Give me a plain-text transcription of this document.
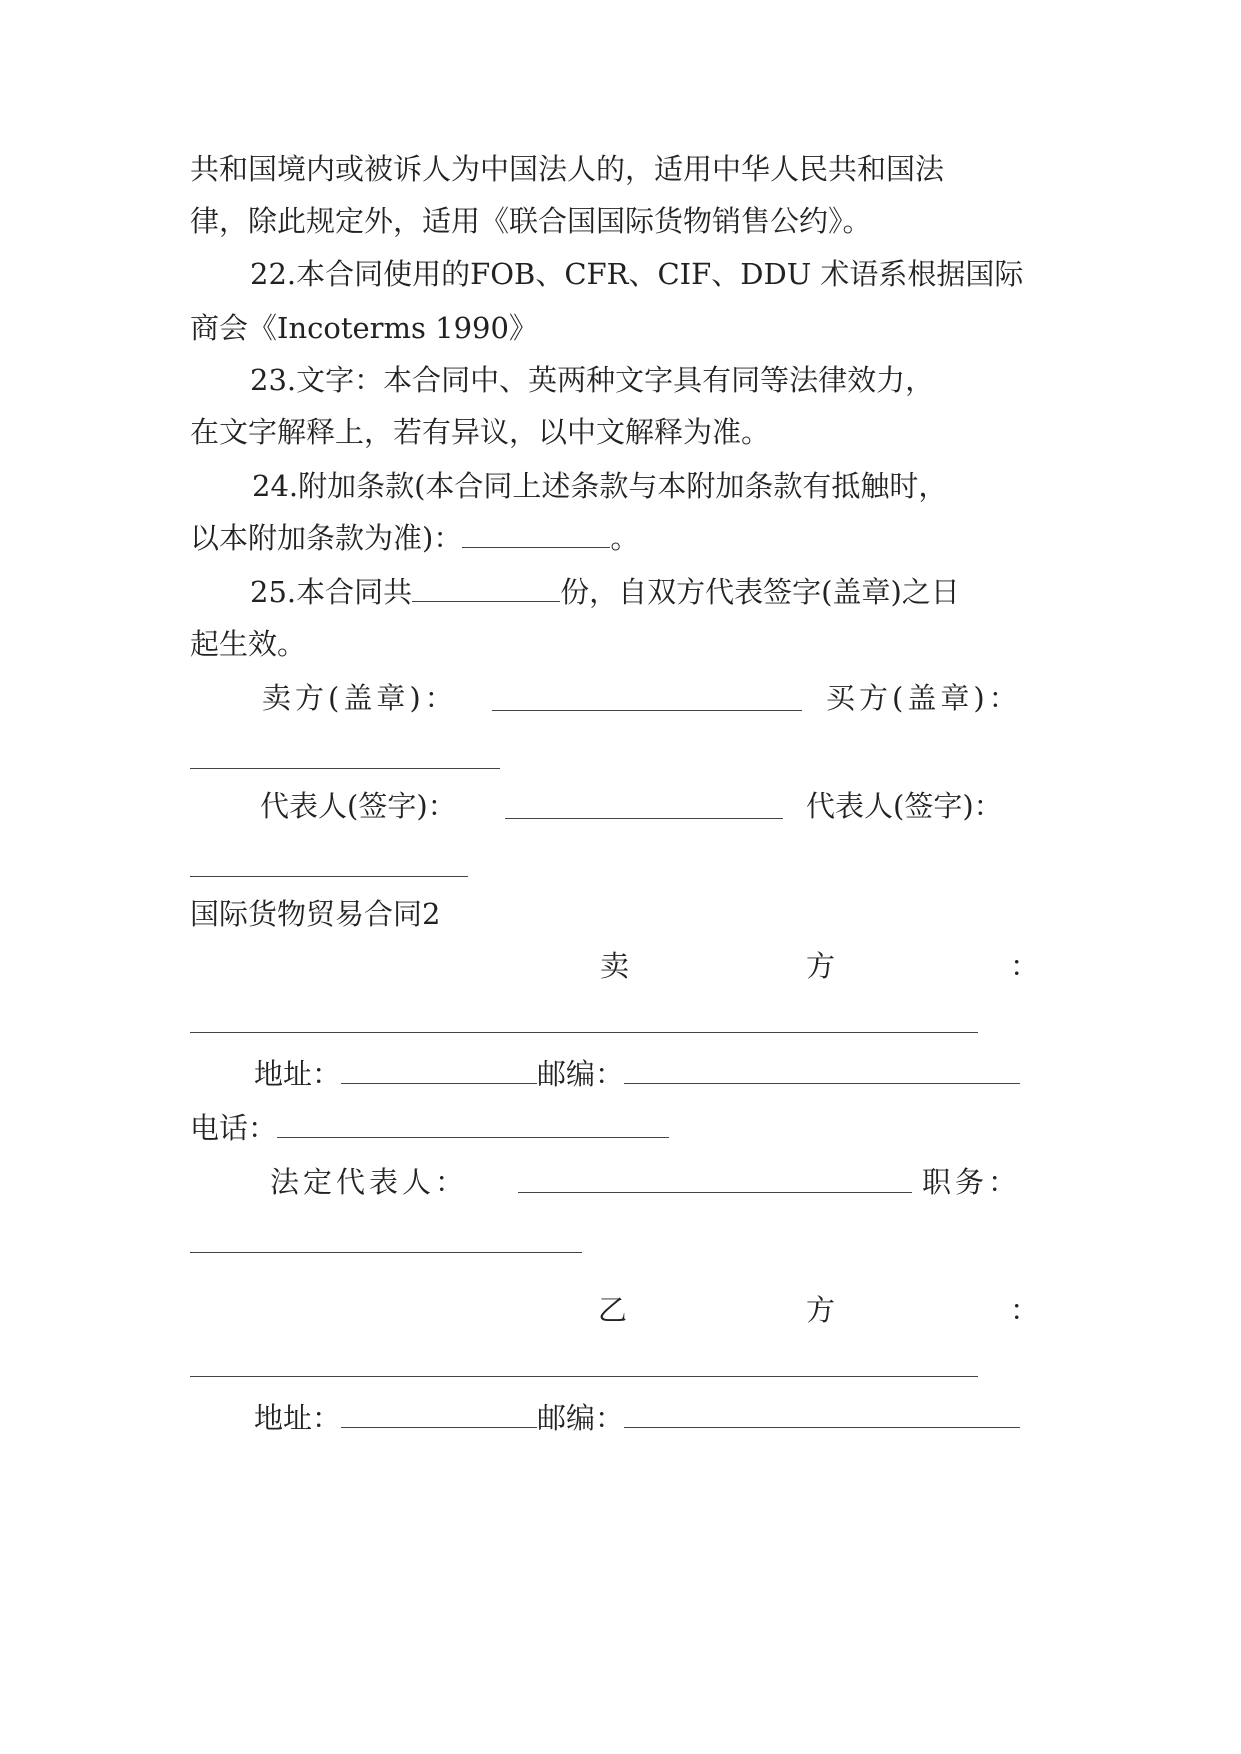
共和国境内或被诉人为中国法人的，适用中华人民共和国法
律，除此规定外，适用《联合国国际货物销售公约》。
22.本合同使用的FOB、CFR、CIF、DDU 术语系根据国际
商会《Incoterms 1990》
23.文字：本合同中、英两种文字具有同等法律效力，
在文字解释上，若有异议，以中文解释为准。
24.附加条款(本合同上述条款与本附加条款有抵触时，
以本附加条款为准)：	。
25.本合同共	份，自双方代表签字(盖章)之日
起生效。
卖方(盖章)：	买方(盖章)：
代表人(签字)：	代表人(签字)：
国际货物贸易合同2
卖	方	：
地址：	邮编：
电话：
法定代表人：	职务：
乙	方	：
地址：	邮编：
